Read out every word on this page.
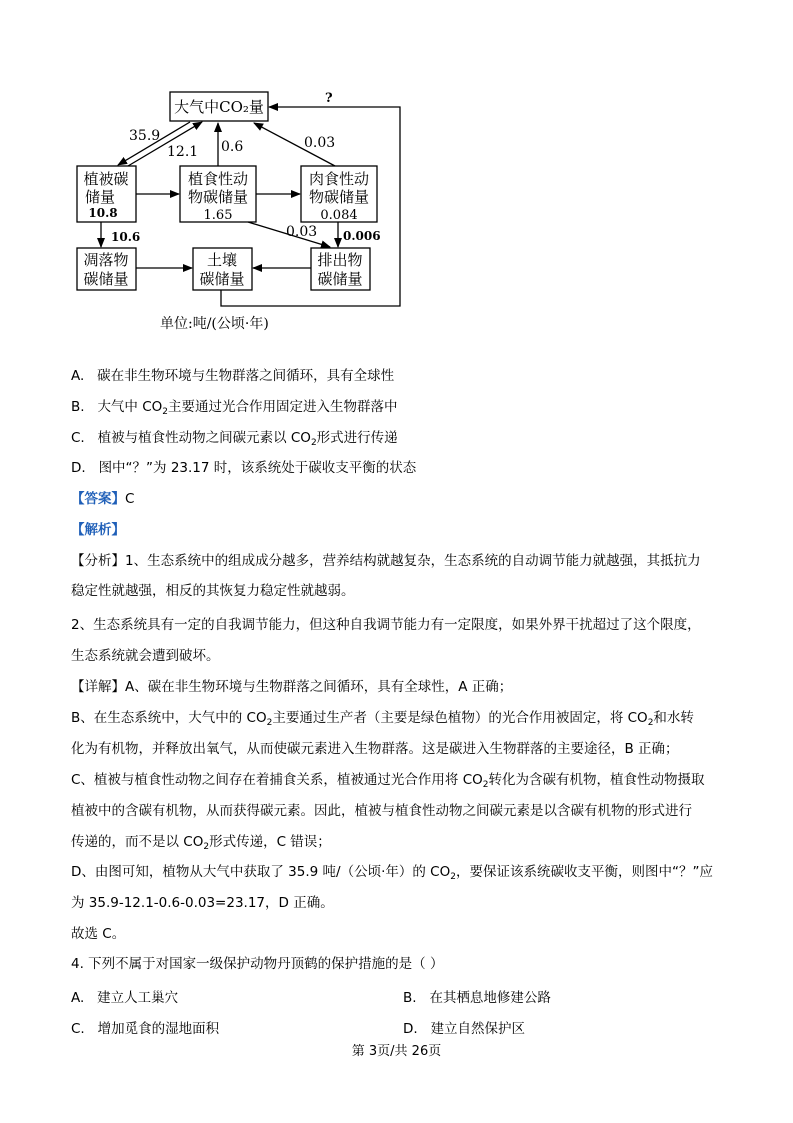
大气中CO₂量
植被碳
储量
10.8
植食性动
物碳储量
1.65
肉食性动
物碳储量
0.084
凋落物
碳储量
土壤
碳储量
排出物
碳储量
35.9
12.1 0.6	0.03
?
10.6	0.03 0.006
单位:吨/(公顷·年)
A. 碳在非生物环境与生物群落之间循环，具有全球性
B. 大气中 $CO_2$主要通过光合作用固定进入生物群落中
C. 植被与植食性动物之间碳元素以 $CO_2$形式进行传递
D. 图中“？”为 23.17 时，该系统处于碳收支平衡的状态
【答案】C
【解析】
【分析】1、生态系统中的组成成分越多，营养结构就越复杂，生态系统的自动调节能力就越强，其抵抗力
稳定性就越强，相反的其恢复力稳定性就越弱。
2、生态系统具有一定的自我调节能力，但这种自我调节能力有一定限度，如果外界干扰超过了这个限度，
生态系统就会遭到破坏。
【详解】A、碳在非生物环境与生物群落之间循环，具有全球性，A 正确；
B、在生态系统中，大气中的 $CO_2$主要通过生产者（主要是绿色植物）的光合作用被固定，将 $CO_2$和水转
化为有机物，并释放出氧气，从而使碳元素进入生物群落。这是碳进入生物群落的主要途径，B 正确；
C、植被与植食性动物之间存在着捕食关系，植被通过光合作用将 $CO_2$转化为含碳有机物，植食性动物摄取
植被中的含碳有机物，从而获得碳元素。因此，植被与植食性动物之间碳元素是以含碳有机物的形式进行
传递的，而不是以 $CO_2$形式传递，C 错误；
D、由图可知，植物从大气中获取了 35.9 吨/（公顷·年）的 $CO_2$，要保证该系统碳收支平衡，则图中“？”应
为 35.9-12.1-0.6-0.03=23.17，D 正确。
故选 C。
4. 下列不属于对国家一级保护动物丹顶鹤的保护措施的是（ ）
A. 建立人工巢穴	B. 在其栖息地修建公路
C. 增加觅食的湿地面积	D. 建立自然保护区
第 3页/共 26页
